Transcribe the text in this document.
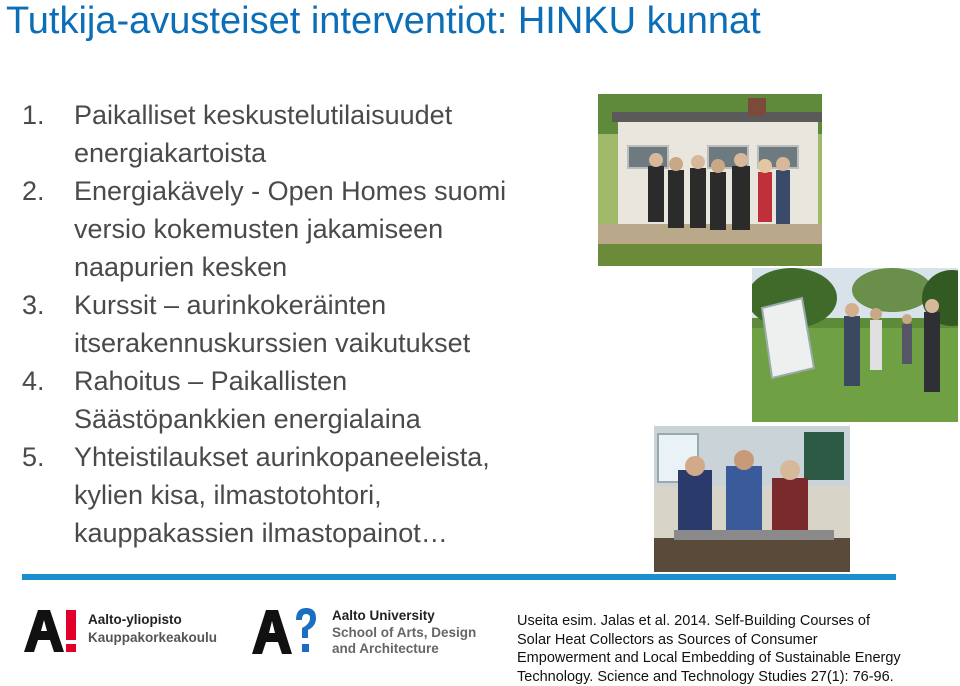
Tutkija-avusteiset interventiot: HINKU kunnat
1.	Paikalliset keskustelutilaisuudet
energiakartoista
2.	Energiakävely - Open Homes suomi
versio kokemusten jakamiseen
naapurien kesken
3.	Kurssit – aurinkokeräinten
itserakennuskurssien vaikutukset
4.	Rahoitus – Paikallisten
Säästöpankkien energialaina
5.	Yhteistilaukset aurinkopaneeleista,
kylien kisa, ilmastotohtori,
kauppakassien ilmastopainot…
Aalto-yliopisto
Kauppakorkeakoulu
Aalto University
School of Arts, Design
and Architecture
Useita esim. Jalas et al. 2014. Self-Building Courses of
Solar Heat Collectors as Sources of Consumer
Empowerment and Local Embedding of Sustainable Energy
Technology. Science and Technology Studies 27(1): 76-96.
